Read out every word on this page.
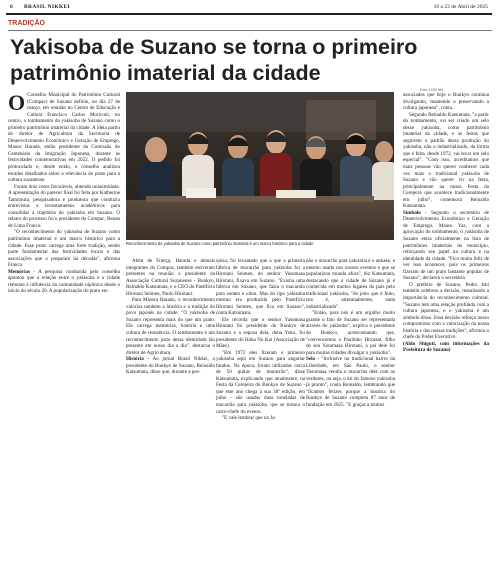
6 BRASIL NIKKEI	10 a 23 de Abril de 2025
TRADIÇÃO
Yakisoba de Suzano se torna o primeiro patrimônio imaterial da cidade
Foto: LOIE NN
O Conselho Municipal do Patrimônio Cultural (Compac) de Suzano definiu, no dia 27 de março, em reunião no Centro de Educação e Cultura Francisco Carlos Moriconi, no centro, o tombamento do yakisoba de Suzano como o primeiro patrimônio imaterial da cidade. A ideia partiu do diretor de Agricultura da Secretaria de Desenvolvimento Econômico e Geração de Emprego, Mauro Harada, então presidente da Comissão do Centenário da Imigração Japonesa, durante as festividades comemorativas em 2022. O pedido foi protocolado e, desde então, o conselho analisou estudos detalhados sobre a relevância do prato para a cultura suzanense.

Foram dois votos favoráveis, obtendo unanimidade. A apresentação do parecer final foi feita por Katherine Tamimura, pesquisadora e produtora que conduziu entrevistas e levantamentos acadêmicos para consolidar a trajetória do yakisoba em Suzano. O relator do processo foi o presidente do Compac, Renan de Lima Franco.

"O reconhecimento do yakisoba de Suzano como patrimônio imaterial é um marco histórico para a cidade. Esse prato carrega uma forte tradição, sendo parte fundamental das festividades locais e das associações que o preparam há décadas", afirmou Franco.

Memórias - A pesquisa conduzida pelo conselho apontou que a relação entre o yakisoba e a cidade remonta à influência da comunidade nipônica desde o início do século 20. A popularização do prato em

Reconhecimento do yakisoba de Suzano como patrimônio imaterial é um marco histórico para a cidade

Além de França, Harada e demais integrantes do Compac, também estiveram presentes na reunião o presidente da Associação Cultural Suzanense - Bunkyo, Reinaldo Katsumata, e o CEO do Pastifício Hirotani Seimen, Paulo Hirotani.

Para Minora Harada, o reconhecimento valoriza também a história e a tradição do povo japonês na cidade. "O yakisoba de Suzano representa mais do que um prato. Ele carrega memórias, história e uma cultura de resistência. O tombamento é um reconhecimento justo dessa identidade tão presente em nosso dia a dia", destacou o diretor de Agricultura.

História - Ao jornal Brasil Nikkei, o presidente do Bunkyo de Suzano, Reinaldo Katsumata, disse que, durante a pes-

quisa, foi levantado que a que a primeira fábrica de macarrão para yakisoba foi a Hirotani Seimen, do senhor Yasumasa Hirotani, fixava em Suzano. "Existia uma fábrica em Suzano, que fazia o macarrão para somen e udon. Mas do tipo yakisoba mesmo era produzida pelo Pastifício Hirotani Seimen, que fica em Suzano", conta Katsumata.

Ele recorda que o senhor Yasumasa Hirotani foi presidente do Bunkyo de Suzano e a esposa dela, dona Yoko, foi presidente do Haha No Kai (Associação de Mães).

"Em 1972 eles fizeram o primeiro yakisoba aqui em Suzano para angariar fundos. Na época, foram utilizadas cerca de 50 quilos de macarrão", disse Katsumata, explicando que atualmente, na Festa da Cerejeira do Bunkyo de Suzano - que este ano chega à sua 38ª edição, em julho - são usados duas toneladas de macarrão para yakisoba, que se tornou o carro-chefe do evento.

"E vale lembrar que no Ja-

pão o macarrão para yakisoba é o ankake, e mesmo usado nos nossos eventos e que se popularizou mundo afora", diz Katsumata, destacando que a cidade de Suzano já é conhecida em muitos lugares do país pelo tradicional yakisoba, "do jeito que é feito, isto é, artesanalmente, nada industrializado".

"Então, para nós é um orgulho muito grande o fato de Suzano ser representada através do yakisoba", explica o presidente do Bunkyo, acrescentando que, "convencemos o Paulinho Hirotani, filho do seu Yasumasa Hirotani, o pai dele foi para muitas cidades divulgar o yakisoba".

Selo - "Inclusive no tradicional bairro da Liberdade, em São Paulo, o senhor Yasumasa vendia o macarrão dele com os verdures, ou seja, o kit do famoso yakisoba já pronto", conta Reinaldo, lembrando que "ficamos felizes porque a história do Bunkyo de Suzano completa 87 anos de fundação em 2025. "E graças a muitos

associados que hoje o Bunkyo continua divulgando, mantendo e preservando a cultura japonesa", conta.

Segundo Reinaldo Katsumata, "a partir do tombamento, vai ser criado um selo desse yakisoba, como patrimônio imaterial da cidade, e as festas que seguirem o padrão dessa produção do yakisoba, não o industrializado, da forma que é feita, desde 1972, vai levar um selo especial". "Com isso, acreditamos que mais pessoas vão querer conhecer cada vez mais o tradicional yakisoba de Suzano e vão querer vir na festa, principalmente na nossa Festa da Cerejeira que acontece tradicionalmente em julho", comemora Reinaldo Katsumata.

Símbolo - Segundo o secretário de Desenvolvimento Econômico e Geração de Emprego, Mauro Yaz, com a aprovação do tombamento, o yakisoba de Suzano entra oficialmente na lista de patrimônios imateriais do município, reforçando seu papel na cultura e na identidade da cidade. "Fico muito feliz de ver isso acontecer, pois os primeiros fizeram de um prato bastante popular de Suzano", declarou o secretário.

O prefeito de Suzano, Pedro Ishi também celebrou a decisão, ressaltando a importância do reconhecimento cultural. "Suzano tem uma relação profunda com a cultura japonesa, e o yakisoba é um símbolo disso. Essa decisão reforça nosso compromisso com a valorização da nossa história e das nossas tradições", afirmou o chefe do Poder Executivo.

(Aldo Shiguti, com informações da Prefeitura de Suzano)
